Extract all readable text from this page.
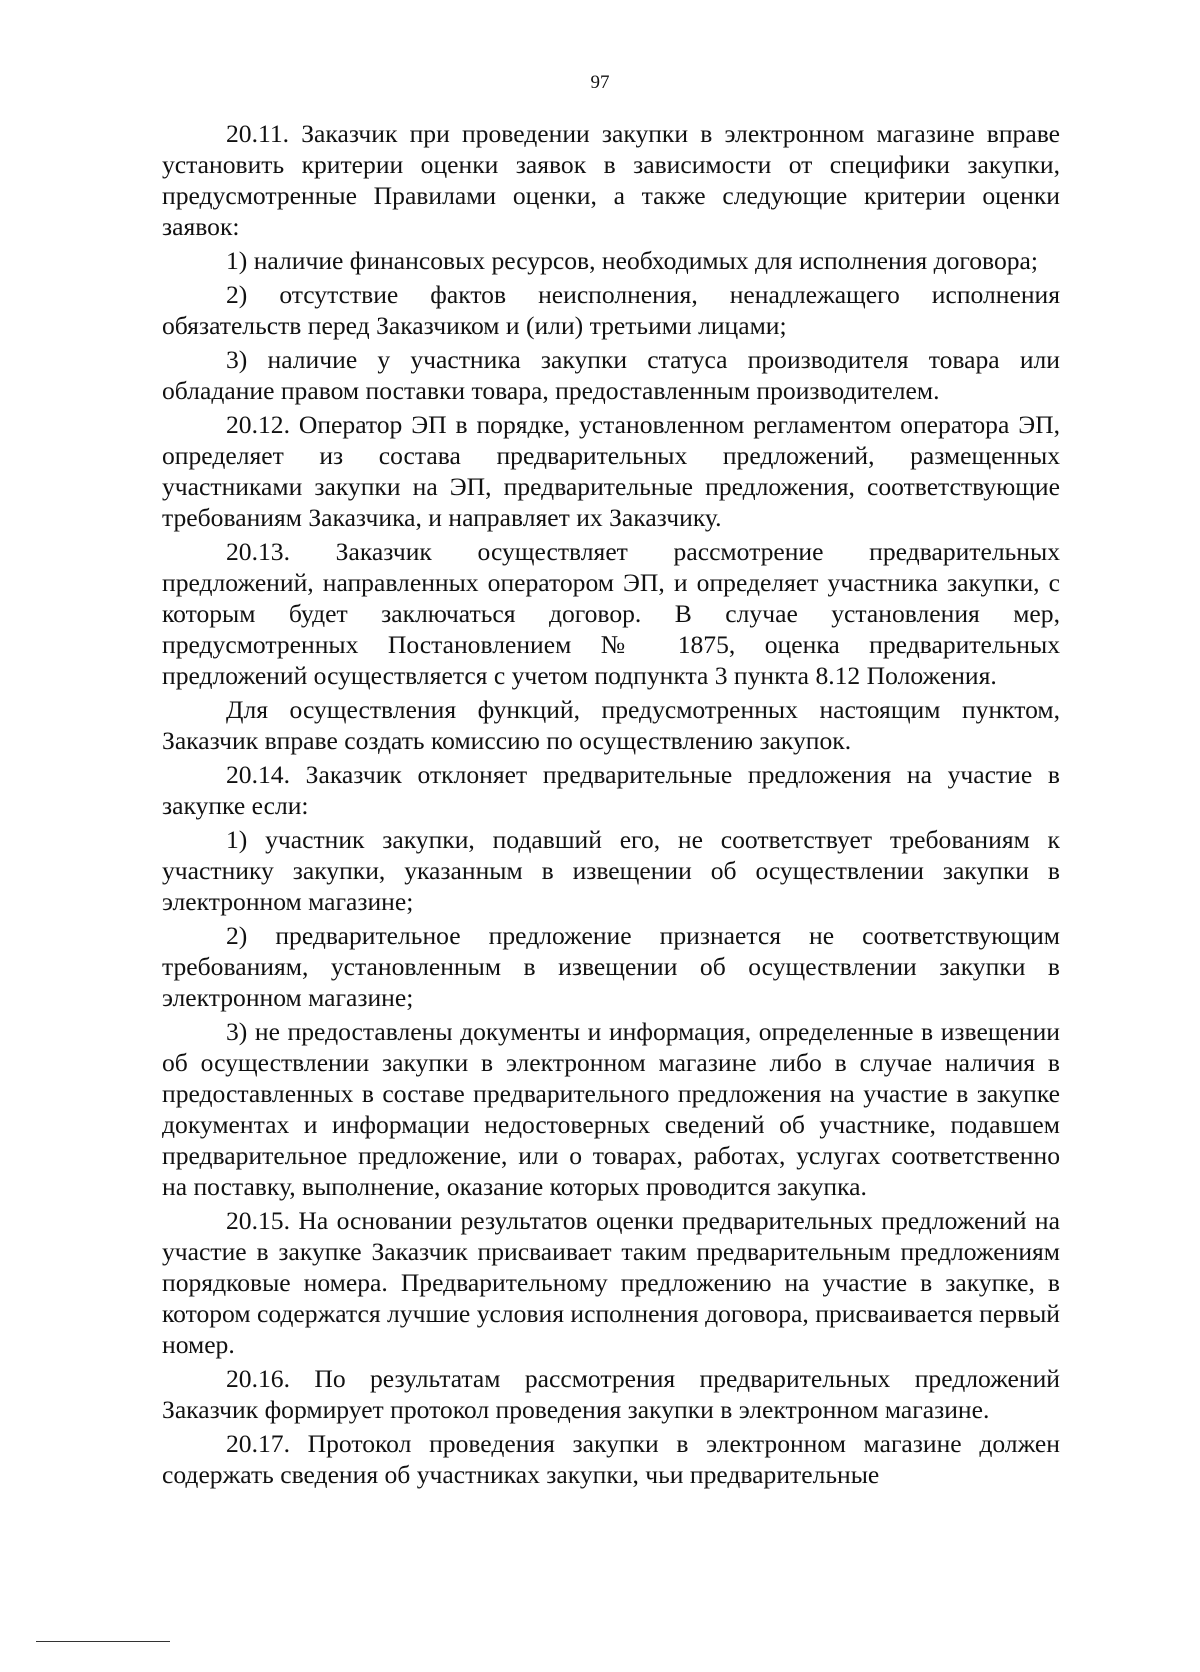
97

20.11. Заказчик при проведении закупки в электронном магазине вправе установить критерии оценки заявок в зависимости от специфики закупки, предусмотренные Правилами оценки, а также следующие критерии оценки заявок:

1) наличие финансовых ресурсов, необходимых для исполнения договора;

2) отсутствие фактов неисполнения, ненадлежащего исполнения обязательств перед Заказчиком и (или) третьими лицами;

3) наличие у участника закупки статуса производителя товара или обладание правом поставки товара, предоставленным производителем.

20.12. Оператор ЭП в порядке, установленном регламентом оператора ЭП, определяет из состава предварительных предложений, размещенных участниками закупки на ЭП, предварительные предложения, соответствующие требованиям Заказчика, и направляет их Заказчику.

20.13. Заказчик осуществляет рассмотрение предварительных предложений, направленных оператором ЭП, и определяет участника закупки, с которым будет заключаться договор. В случае установления мер, предусмотренных Постановлением № 1875, оценка предварительных предложений осуществляется с учетом подпункта 3 пункта 8.12 Положения.

Для осуществления функций, предусмотренных настоящим пунктом, Заказчик вправе создать комиссию по осуществлению закупок.

20.14. Заказчик отклоняет предварительные предложения на участие в закупке если:

1) участник закупки, подавший его, не соответствует требованиям к участнику закупки, указанным в извещении об осуществлении закупки в электронном магазине;

2) предварительное предложение признается не соответствующим требованиям, установленным в извещении об осуществлении закупки в электронном магазине;

3) не предоставлены документы и информация, определенные в извещении об осуществлении закупки в электронном магазине либо в случае наличия в предоставленных в составе предварительного предложения на участие в закупке документах и информации недостоверных сведений об участнике, подавшем предварительное предложение, или о товарах, работах, услугах соответственно на поставку, выполнение, оказание которых проводится закупка.

20.15. На основании результатов оценки предварительных предложений на участие в закупке Заказчик присваивает таким предварительным предложениям порядковые номера. Предварительному предложению на участие в закупке, в котором содержатся лучшие условия исполнения договора, присваивается первый номер.

20.16. По результатам рассмотрения предварительных предложений Заказчик формирует протокол проведения закупки в электронном магазине.

20.17. Протокол проведения закупки в электронном магазине должен содержать сведения об участниках закупки, чьи предварительные
